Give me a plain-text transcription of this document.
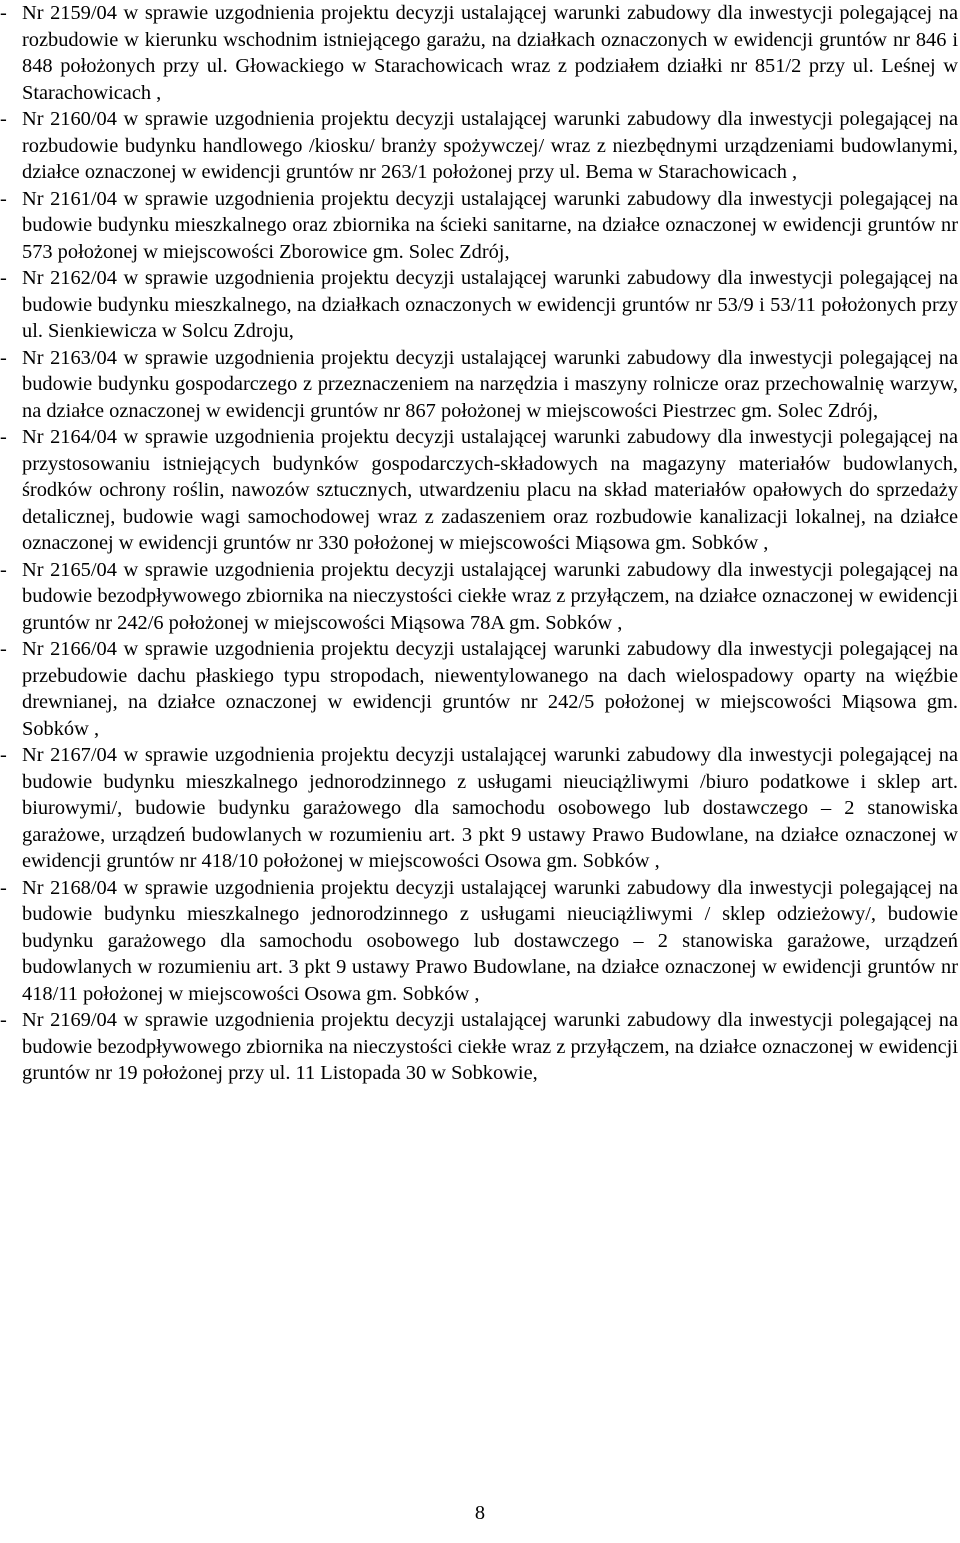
- Nr 2159/04 w sprawie uzgodnienia projektu decyzji ustalającej warunki zabudowy dla inwestycji polegającej na rozbudowie w kierunku wschodnim istniejącego garażu, na działkach oznaczonych w ewidencji gruntów nr 846 i 848 położonych przy ul. Głowackiego w Starachowicach wraz z podziałem działki nr 851/2 przy ul. Leśnej w Starachowicach ,
- Nr 2160/04 w sprawie uzgodnienia projektu decyzji ustalającej warunki zabudowy dla inwestycji polegającej na rozbudowie budynku handlowego /kiosku/ branży spożywczej/ wraz z niezbędnymi urządzeniami budowlanymi, działce oznaczonej w ewidencji gruntów nr 263/1 położonej przy ul. Bema w Starachowicach ,
- Nr 2161/04 w sprawie uzgodnienia projektu decyzji ustalającej warunki zabudowy dla inwestycji polegającej na budowie budynku mieszkalnego oraz zbiornika na ścieki sanitarne, na działce oznaczonej w ewidencji gruntów nr 573 położonej w miejscowości Zborowice gm. Solec Zdrój,
- Nr 2162/04 w sprawie uzgodnienia projektu decyzji ustalającej warunki zabudowy dla inwestycji polegającej na budowie budynku mieszkalnego, na działkach oznaczonych w ewidencji gruntów nr 53/9 i 53/11 położonych przy ul. Sienkiewicza w Solcu Zdroju,
- Nr 2163/04 w sprawie uzgodnienia projektu decyzji ustalającej warunki zabudowy dla inwestycji polegającej na budowie budynku gospodarczego z przeznaczeniem na narzędzia i maszyny rolnicze oraz przechowalnię warzyw, na działce oznaczonej w ewidencji gruntów nr 867 położonej w miejscowości Piestrzec gm. Solec Zdrój,
- Nr 2164/04 w sprawie uzgodnienia projektu decyzji ustalającej warunki zabudowy dla inwestycji polegającej na przystosowaniu istniejących budynków gospodarczych-składowych na magazyny materiałów budowlanych, środków ochrony roślin, nawozów sztucznych, utwardzeniu placu na skład materiałów opałowych do sprzedaży detalicznej, budowie wagi samochodowej wraz z zadaszeniem oraz rozbudowie kanalizacji lokalnej, na działce oznaczonej w ewidencji gruntów nr 330 położonej w miejscowości Miąsowa gm. Sobków ,
- Nr 2165/04 w sprawie uzgodnienia projektu decyzji ustalającej warunki zabudowy dla inwestycji polegającej na budowie bezodpływowego zbiornika na nieczystości ciekłe wraz z przyłączem, na działce oznaczonej w ewidencji gruntów nr 242/6 położonej w miejscowości Miąsowa 78A gm. Sobków ,
- Nr 2166/04 w sprawie uzgodnienia projektu decyzji ustalającej warunki zabudowy dla inwestycji polegającej na przebudowie dachu płaskiego typu stropodach, niewentylowanego na dach wielospadowy oparty na więźbie drewnianej, na działce oznaczonej w ewidencji gruntów nr 242/5 położonej w miejscowości Miąsowa gm. Sobków ,
- Nr 2167/04 w sprawie uzgodnienia projektu decyzji ustalającej warunki zabudowy dla inwestycji polegającej na budowie budynku mieszkalnego jednorodzinnego z usługami nieuciążliwymi /biuro podatkowe i sklep art. biurowymi/, budowie budynku garażowego dla samochodu osobowego lub dostawczego – 2 stanowiska garażowe, urządzeń budowlanych w rozumieniu art. 3 pkt 9 ustawy Prawo Budowlane, na działce oznaczonej w ewidencji gruntów nr 418/10 położonej w miejscowości Osowa gm. Sobków ,
- Nr 2168/04 w sprawie uzgodnienia projektu decyzji ustalającej warunki zabudowy dla inwestycji polegającej na budowie budynku mieszkalnego jednorodzinnego z usługami nieuciążliwymi / sklep odzieżowy/, budowie budynku garażowego dla samochodu osobowego lub dostawczego – 2 stanowiska garażowe, urządzeń budowlanych w rozumieniu art. 3 pkt 9 ustawy Prawo Budowlane, na działce oznaczonej w ewidencji gruntów nr 418/11 położonej w miejscowości Osowa gm. Sobków ,
- Nr 2169/04 w sprawie uzgodnienia projektu decyzji ustalającej warunki zabudowy dla inwestycji polegającej na budowie bezodpływowego zbiornika na nieczystości ciekłe wraz z przyłączem, na działce oznaczonej w ewidencji gruntów nr 19 położonej przy ul. 11 Listopada 30 w Sobkowie,
8
